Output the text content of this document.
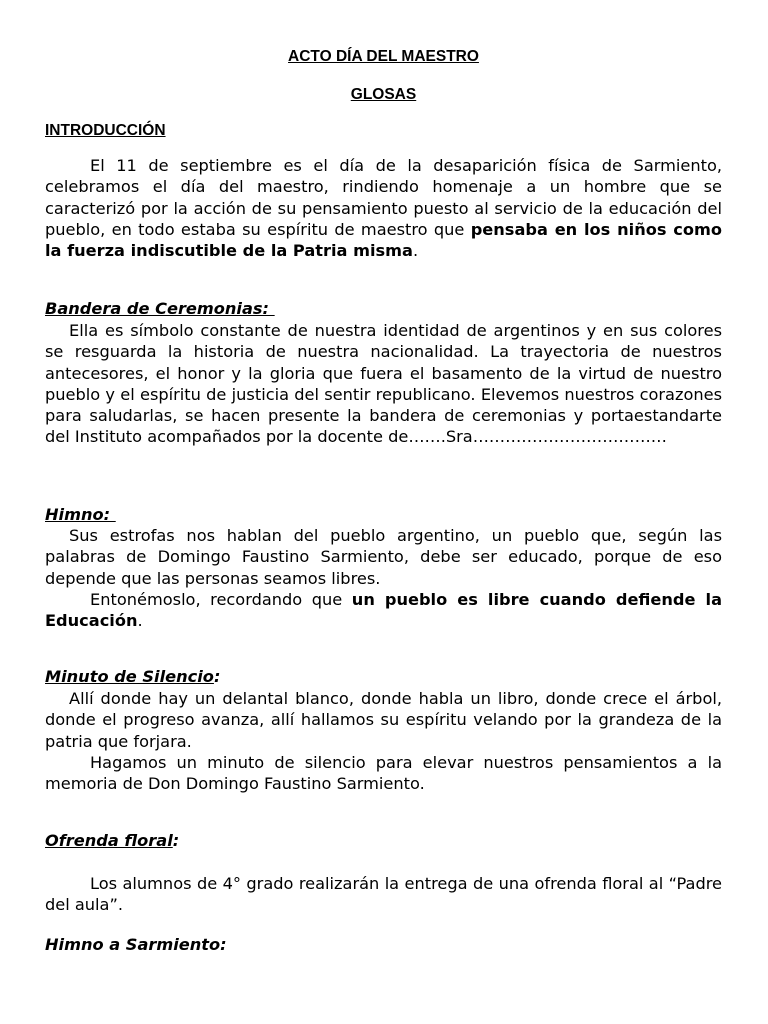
ACTO DÍA DEL MAESTRO

GLOSAS

INTRODUCCIÓN

El 11 de septiembre es el día de la desaparición física de Sarmiento, celebramos el día del maestro, rindiendo homenaje a un hombre que se caracterizó por la acción de su pensamiento puesto al servicio de la educación del pueblo, en todo estaba su espíritu de maestro que pensaba en los niños como la fuerza indiscutible de la Patria misma.

Bandera de Ceremonias:

Ella es símbolo constante de nuestra identidad de argentinos y en sus colores se resguarda la historia de nuestra nacionalidad. La trayectoria de nuestros antecesores, el honor y la gloria que fuera el basamento de la virtud de nuestro pueblo y el espíritu de justicia del sentir republicano. Elevemos nuestros corazones para saludarlas, se hacen presente la bandera de ceremonias y portaestandarte del Instituto acompañados por la docente de…….Sra………………………………

Himno:

Sus estrofas nos hablan del pueblo argentino, un pueblo que, según las palabras de Domingo Faustino Sarmiento, debe ser educado, porque de eso depende que las personas seamos libres.

Entonémoslo, recordando que un pueblo es libre cuando defiende la Educación.

Minuto de Silencio:

Allí donde hay un delantal blanco, donde habla un libro, donde crece el árbol, donde el progreso avanza, allí hallamos su espíritu velando por la grandeza de la patria que forjara.

Hagamos un minuto de silencio para elevar nuestros pensamientos a la memoria de Don Domingo Faustino Sarmiento.

Ofrenda floral:

Los alumnos de 4° grado realizarán la entrega de una ofrenda floral al “Padre del aula”.

Himno a Sarmiento:
